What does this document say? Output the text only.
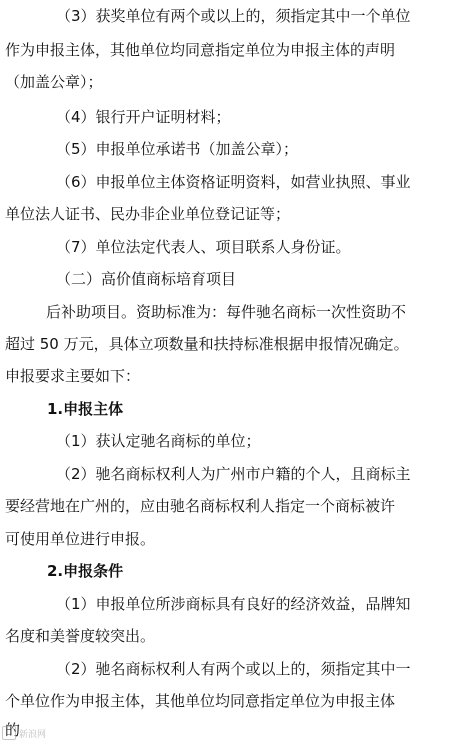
（3）获奖单位有两个或以上的，须指定其中一个单位
作为申报主体，其他单位均同意指定单位为申报主体的声明
（加盖公章）；
（4）银行开户证明材料；
（5）申报单位承诺书（加盖公章）；
（6）申报单位主体资格证明资料，如营业执照、事业
单位法人证书、民办非企业单位登记证等；
（7）单位法定代表人、项目联系人身份证。
（二）高价值商标培育项目
后补助项目。资助标准为：每件驰名商标一次性资助不
超过 50 万元，具体立项数量和扶持标准根据申报情况确定。
申报要求主要如下：
1.申报主体
（1）获认定驰名商标的单位；
（2）驰名商标权利人为广州市户籍的个人，且商标主
要经营地在广州的，应由驰名商标权利人指定一个商标被许
可使用单位进行申报。
2.申报条件
（1）申报单位所涉商标具有良好的经济效益，品牌知
名度和美誉度较突出。
（2）驰名商标权利人有两个或以上的，须指定其中一
个单位作为申报主体，其他单位均同意指定单位为申报主体
的
新浪网
